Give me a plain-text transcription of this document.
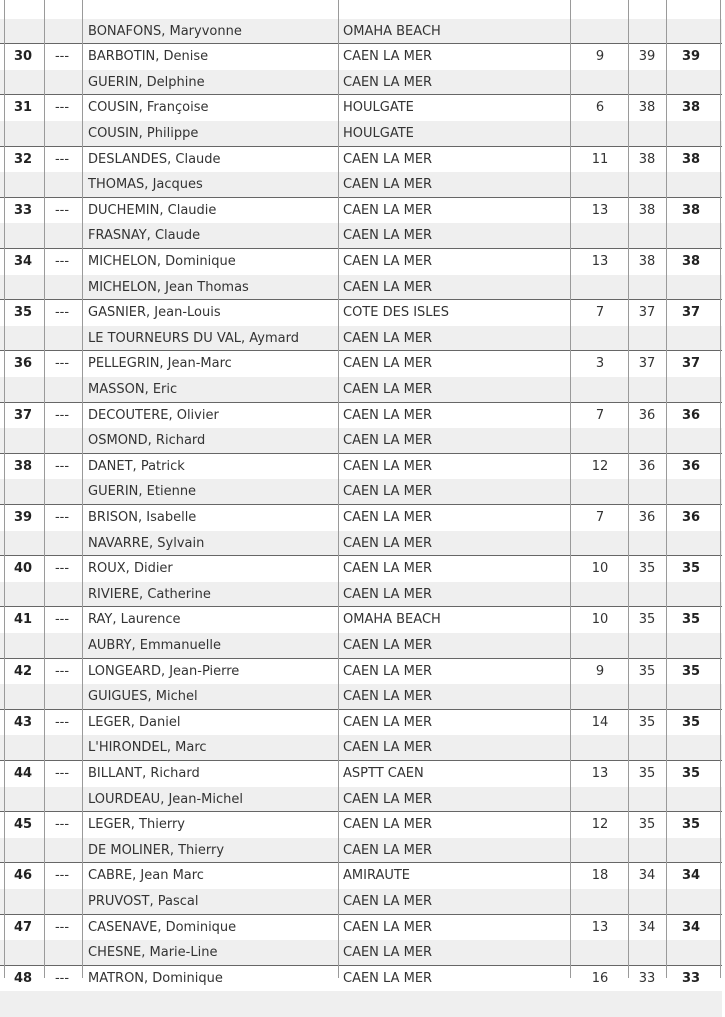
BONAFONS, Maryvonne	OMAHA BEACH
30	---	BARBOTIN, Denise	CAEN LA MER	9	39	39
GUERIN, Delphine	CAEN LA MER
31	---	COUSIN, Françoise	HOULGATE	6	38	38
COUSIN, Philippe	HOULGATE
32	---	DESLANDES, Claude	CAEN LA MER	11	38	38
THOMAS, Jacques	CAEN LA MER
33	---	DUCHEMIN, Claudie	CAEN LA MER	13	38	38
FRASNAY, Claude	CAEN LA MER
34	---	MICHELON, Dominique	CAEN LA MER	13	38	38
MICHELON, Jean Thomas	CAEN LA MER
35	---	GASNIER, Jean-Louis	COTE DES ISLES	7	37	37
LE TOURNEURS DU VAL, Aymard	CAEN LA MER
36	---	PELLEGRIN, Jean-Marc	CAEN LA MER	3	37	37
MASSON, Eric	CAEN LA MER
37	---	DECOUTERE, Olivier	CAEN LA MER	7	36	36
OSMOND, Richard	CAEN LA MER
38	---	DANET, Patrick	CAEN LA MER	12	36	36
GUERIN, Etienne	CAEN LA MER
39	---	BRISON, Isabelle	CAEN LA MER	7	36	36
NAVARRE, Sylvain	CAEN LA MER
40	---	ROUX, Didier	CAEN LA MER	10	35	35
RIVIERE, Catherine	CAEN LA MER
41	---	RAY, Laurence	OMAHA BEACH	10	35	35
AUBRY, Emmanuelle	CAEN LA MER
42	---	LONGEARD, Jean-Pierre	CAEN LA MER	9	35	35
GUIGUES, Michel	CAEN LA MER
43	---	LEGER, Daniel	CAEN LA MER	14	35	35
L'HIRONDEL, Marc	CAEN LA MER
44	---	BILLANT, Richard	ASPTT CAEN	13	35	35
LOURDEAU, Jean-Michel	CAEN LA MER
45	---	LEGER, Thierry	CAEN LA MER	12	35	35
DE MOLINER, Thierry	CAEN LA MER
46	---	CABRE, Jean Marc	AMIRAUTE	18	34	34
PRUVOST, Pascal	CAEN LA MER
47	---	CASENAVE, Dominique	CAEN LA MER	13	34	34
CHESNE, Marie-Line	CAEN LA MER
48	---	MATRON, Dominique	CAEN LA MER	16	33	33
